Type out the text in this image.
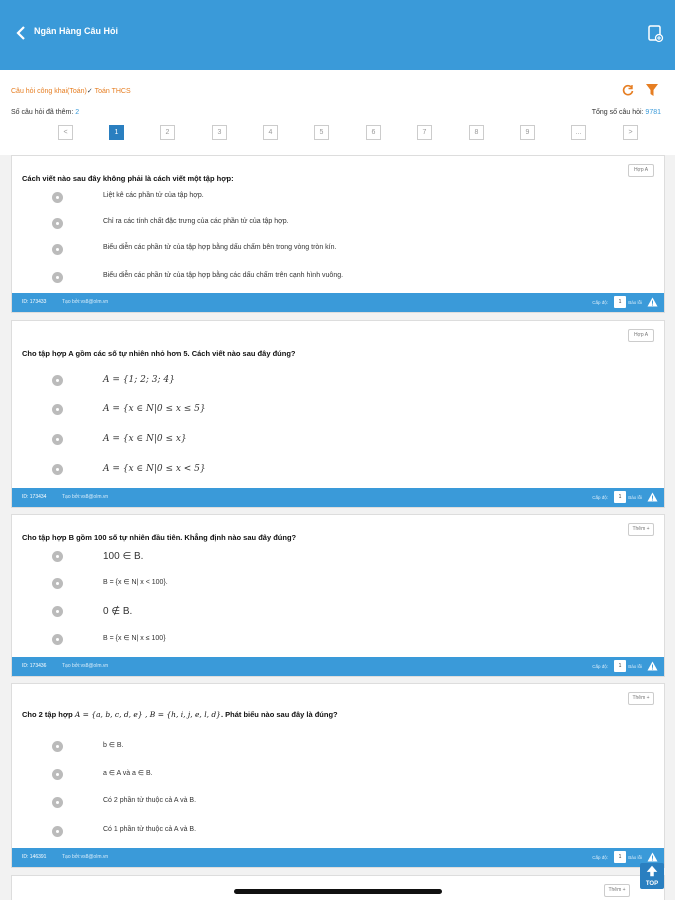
Ngân Hàng Câu Hỏi
Câu hỏi công khai(Toán)✓ Toán THCS
Số câu hỏi đã thêm: 2	Tổng số câu hỏi: 9781
<	1	2	3	4	5	6	7	8	9	...	>
Cách viết nào sau đây không phải là cách viết một tập hợp:
Hợp A
Liệt kê các phần tử của tập hợp.
Chỉ ra các tính chất đặc trưng của các phần tử của tập hợp.
Biểu diễn các phần tử của tập hợp bằng dấu chấm bên trong vòng tròn kín.
Biểu diễn các phần tử của tập hợp bằng các dấu chấm trên cạnh hình vuông.
ID: 173433	Tạo bởi:vs8@olm.vn	Cấp độ:	1	Báo lỗi
Cho tập hợp A gồm các số tự nhiên nhỏ hơn 5. Cách viết nào sau đây đúng?
Hợp A
A = {1; 2; 3; 4}
A = {x ∈ N|0 ≤ x ≤ 5}
A = {x ∈ N|0 ≤ x}
A = {x ∈ N|0 ≤ x < 5}
ID: 173434	Tạo bởi:vs8@olm.vn	Cấp độ:	1	Báo lỗi
Cho tập hợp B gồm 100 số tự nhiên đầu tiên. Khẳng định nào sau đây đúng?
Thêm +
100 ∈ B.
B = {x ∈ N| x < 100}.
0 ∉ B.
B = {x ∈ N| x ≤ 100}
ID: 173436	Tạo bởi:vs8@olm.vn	Cấp độ:	1	Báo lỗi
Cho 2 tập hợp A = {a, b, c, d, e} , B = {h, i, j, e, l, d}. Phát biểu nào sau đây là đúng?
Thêm +
b ∈ B.
a ∈ A và a ∈ B.
Có 2 phần tử thuộc cả A và B.
Có 1 phần tử thuộc cả A và B.
ID: 146391	Tạo bởi:vs8@olm.vn	Cấp độ:	1	Báo lỗi
Thêm +
TOP
